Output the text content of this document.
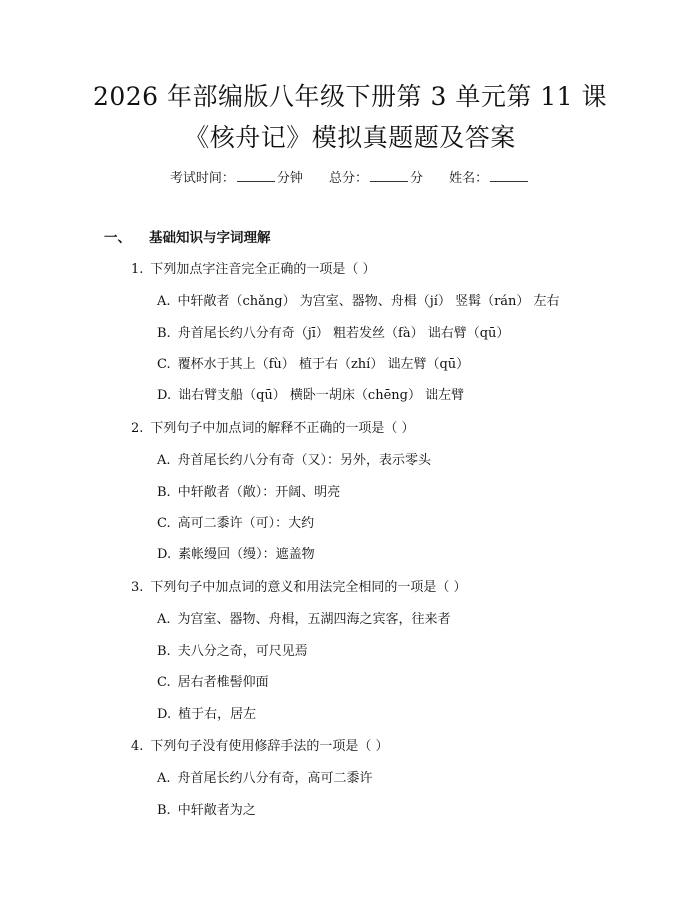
2026 年部编版八年级下册第 3 单元第 11 课
《核舟记》模拟真题题及答案
考试时间：	分钟 总分：	分 姓名：
一、 基础知识与字词理解
1. 下列加点字注音完全正确的一项是（ ）
A. 中轩敞者（chǎng） 为宫室、器物、舟楫（jí） 竖髯（rán） 左右
B. 舟首尾长约八分有奇（jī） 粗若发丝（fà） 诎右臂（qū）
C. 覆杯水于其上（fù） 植于右（zhí） 诎左臂（qū）
D. 诎右臂支船（qū） 横卧一胡床（chēng） 诎左臂
2. 下列句子中加点词的解释不正确的一项是（ ）
A. 舟首尾长约八分有奇（又）：另外，表示零头
B. 中轩敞者（敞）：开阔、明亮
C. 高可二黍许（可）：大约
D. 素帐缦回（缦）：遮盖物
3. 下列句子中加点词的意义和用法完全相同的一项是（ ）
A. 为宫室、器物、舟楫，五湖四海之宾客，往来者
B. 夫八分之奇，可尺见焉
C. 居右者椎髻仰面
D. 植于右，居左
4. 下列句子没有使用修辞手法的一项是（ ）
A. 舟首尾长约八分有奇，高可二黍许
B. 中轩敞者为之
